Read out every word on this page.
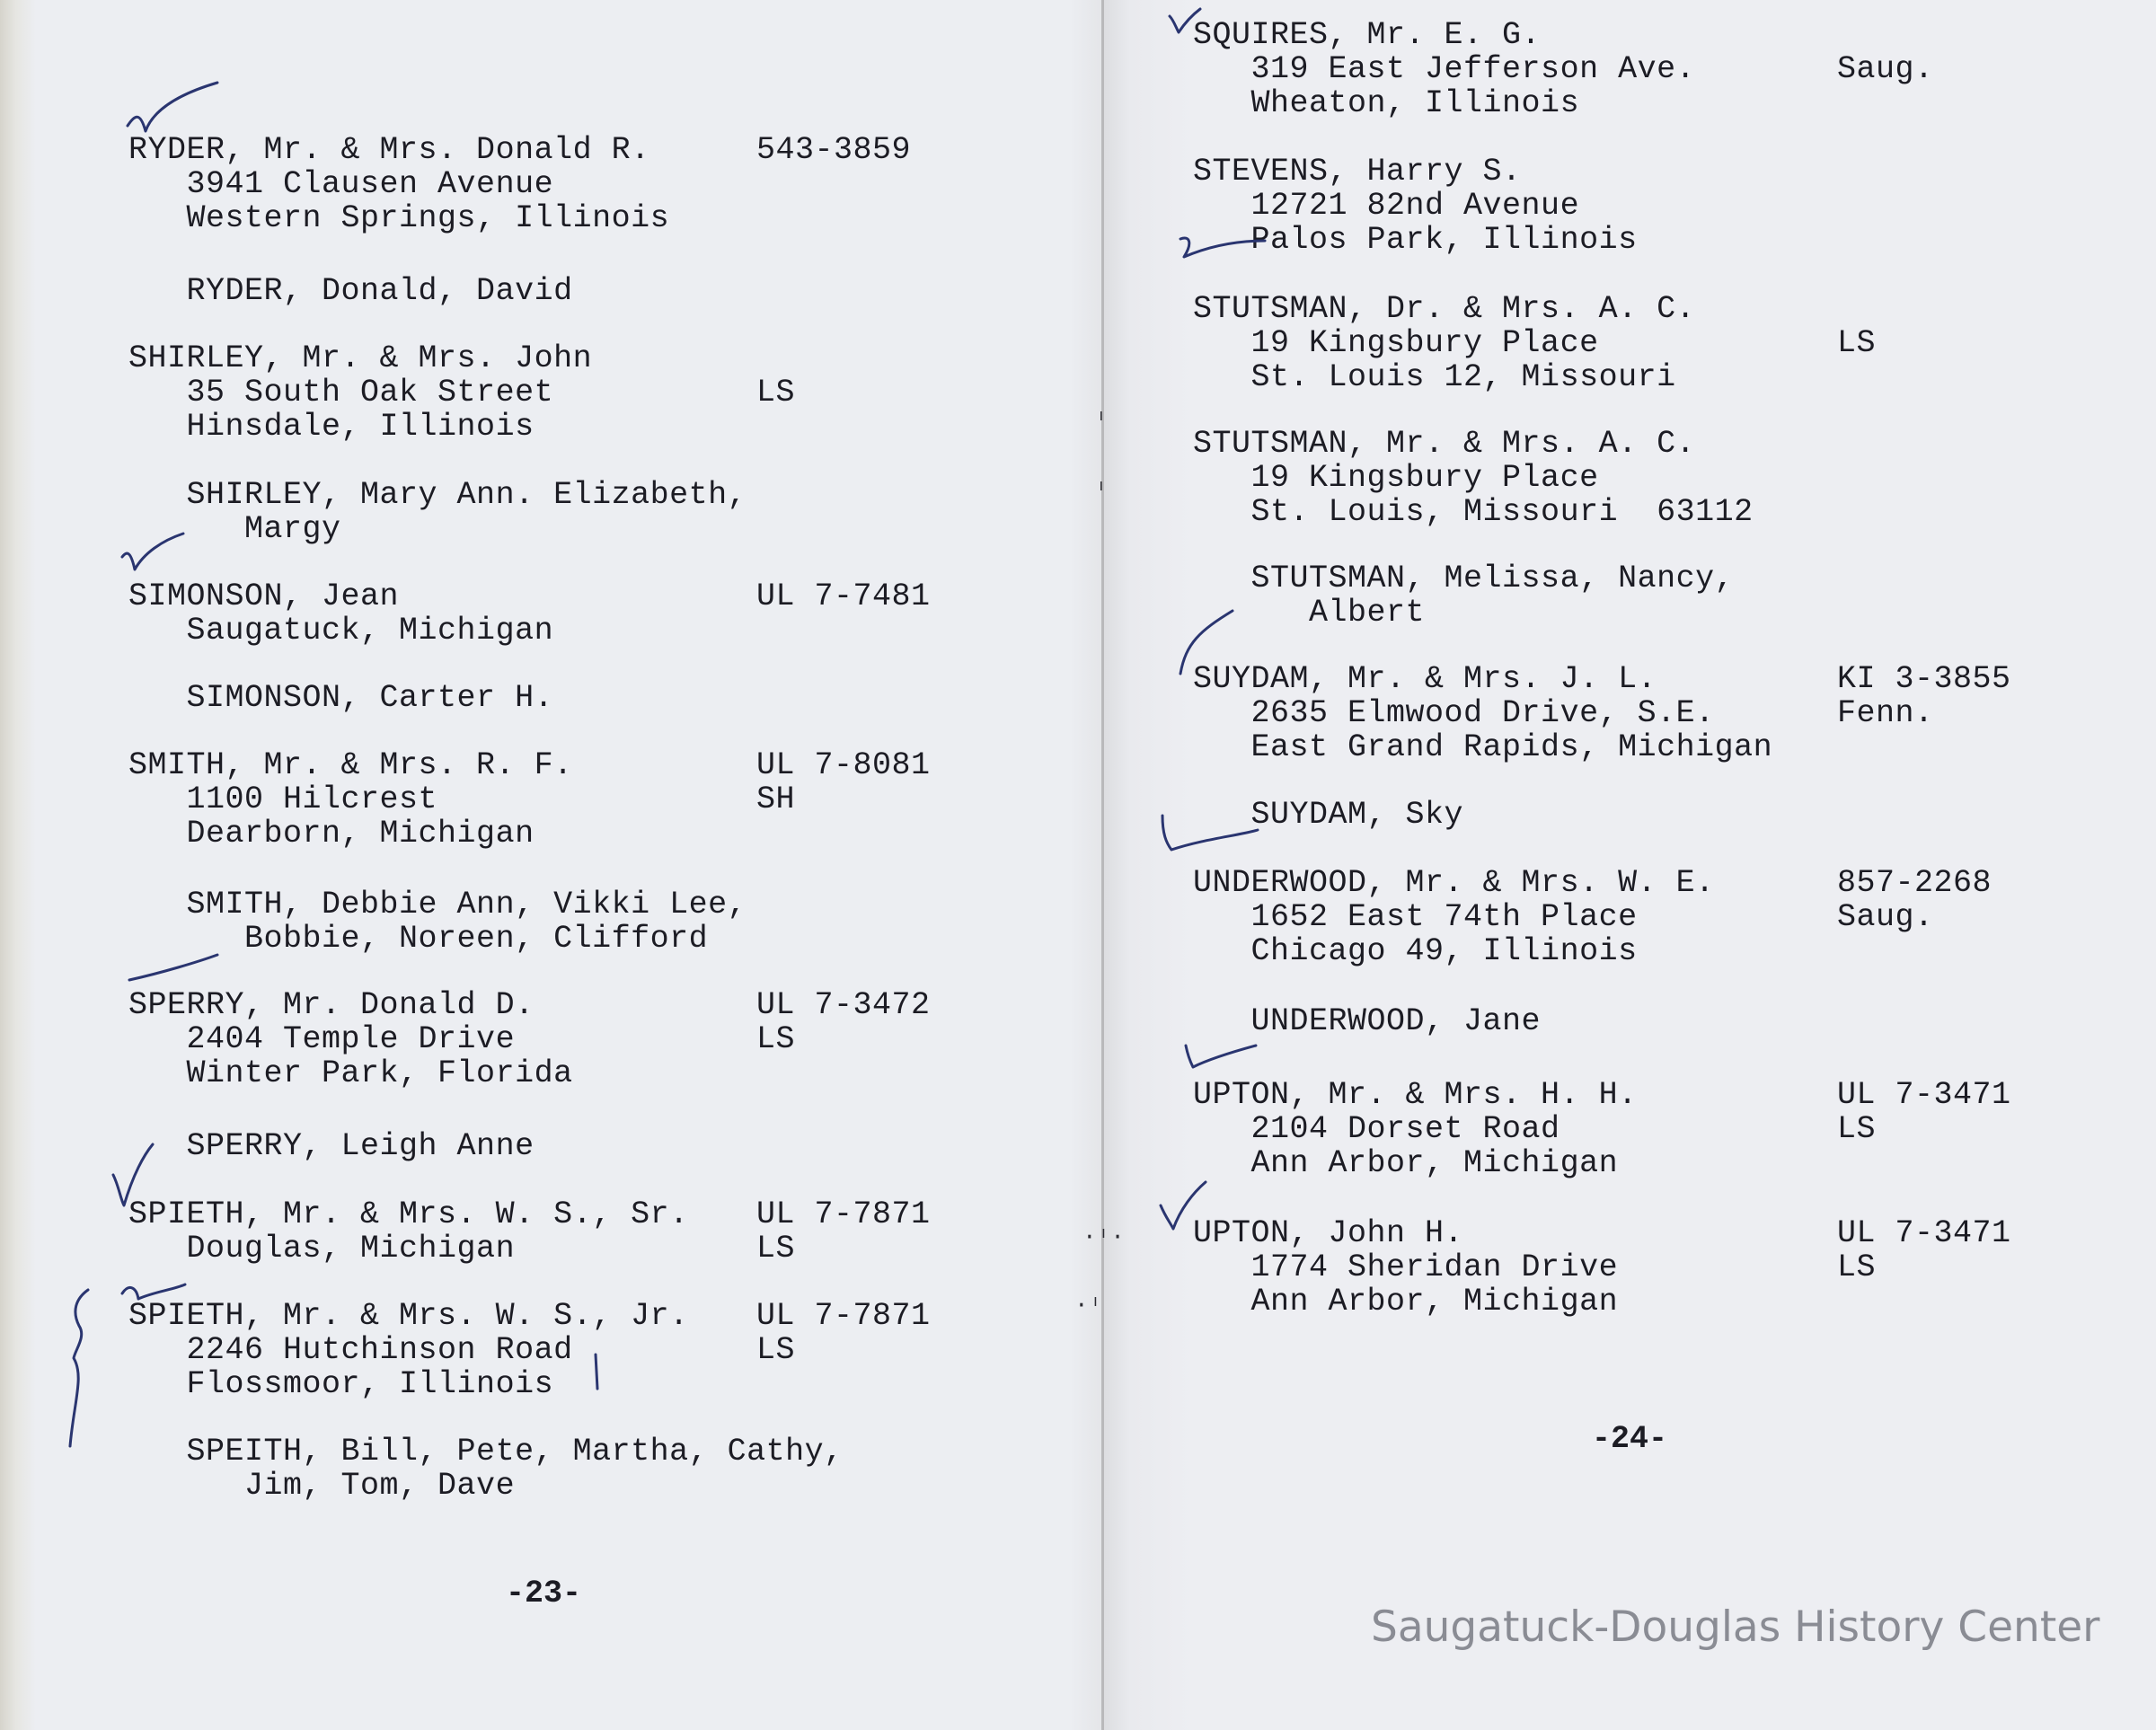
ᶦ
ᶦ
·ᶦ·
·ᶦ
RYDER, Mr. & Mrs. Donald R.
3941 Clausen Avenue
Western Springs, Illinois
543-3859
RYDER, Donald, David
SHIRLEY, Mr. & Mrs. John
35 South Oak Street
Hinsdale, Illinois
LS
SHIRLEY, Mary Ann. Elizabeth,
Margy
SIMONSON, Jean
Saugatuck, Michigan
UL 7-7481
SIMONSON, Carter H.
SMITH, Mr. & Mrs. R. F.
1100 Hilcrest
Dearborn, Michigan
UL 7-8081
SH
SMITH, Debbie Ann, Vikki Lee,
Bobbie, Noreen, Clifford
SPERRY, Mr. Donald D.
2404 Temple Drive
Winter Park, Florida
UL 7-3472
LS
SPERRY, Leigh Anne
SPIETH, Mr. & Mrs. W. S., Sr.
Douglas, Michigan
UL 7-7871
LS
SPIETH, Mr. & Mrs. W. S., Jr.
2246 Hutchinson Road
Flossmoor, Illinois
UL 7-7871
LS
SPEITH, Bill, Pete, Martha, Cathy,
Jim, Tom, Dave
SQUIRES, Mr. E. G.
319 East Jefferson Ave.
Wheaton, Illinois
Saug.
STEVENS, Harry S.
12721 82nd Avenue
Palos Park, Illinois
STUTSMAN, Dr. & Mrs. A. C.
19 Kingsbury Place
St. Louis 12, Missouri
LS
STUTSMAN, Mr. & Mrs. A. C.
19 Kingsbury Place
St. Louis, Missouri  63112
STUTSMAN, Melissa, Nancy,
Albert
SUYDAM, Mr. & Mrs. J. L.
2635 Elmwood Drive, S.E.
East Grand Rapids, Michigan
KI 3-3855
Fenn.
SUYDAM, Sky
UNDERWOOD, Mr. & Mrs. W. E.
1652 East 74th Place
Chicago 49, Illinois
857-2268
Saug.
UNDERWOOD, Jane
UPTON, Mr. & Mrs. H. H.
2104 Dorset Road
Ann Arbor, Michigan
UL 7-3471
LS
UPTON, John H.
1774 Sheridan Drive
Ann Arbor, Michigan
UL 7-3471
LS
-23-
-24-
Saugatuck-Douglas History Center
